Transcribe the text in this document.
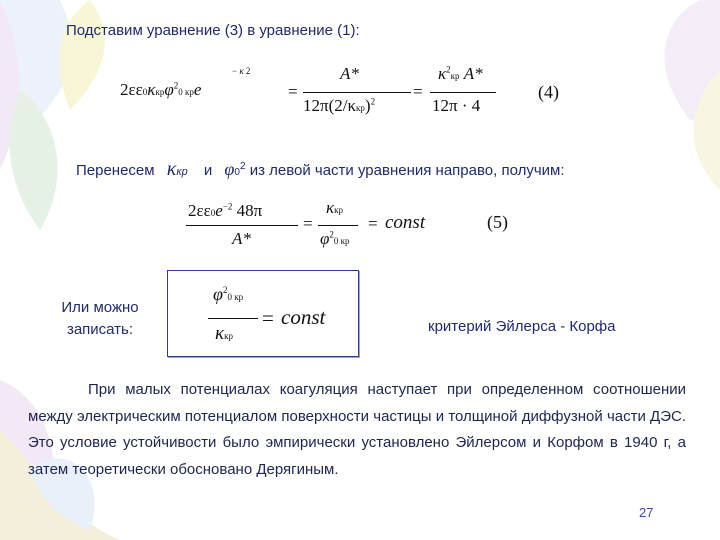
Подставим уравнение (3) в уравнение (1):
2εε0κкрφ$^2$0 крe
− κ 2
=
A*
$12\pi(2/\kappa кр)^2$
=
$\kappa^2кр$ A*
12π · 4
(4)
Перенесем κкр и $\varphi 0^2$ из левой части уравнения направо, получим:
$2\varepsilon\varepsilon 0e^{-2}$ 48π
A*
=
κкр
$\varphi^20$ кр
= const	(5)
Или можно
записать:
$\varphi^20$ кр
κкр
= const	критерий Эйлерса - Корфа
При малых потенциалах коагуляция наступает при определенном соотношении между электрическим потенциалом поверхности частицы и толщиной диффузной части ДЭС. Это условие устойчивости было эмпирически установлено Эйлерсом и Корфом в 1940 г, а затем теоретически обосновано Дерягиным.
27
